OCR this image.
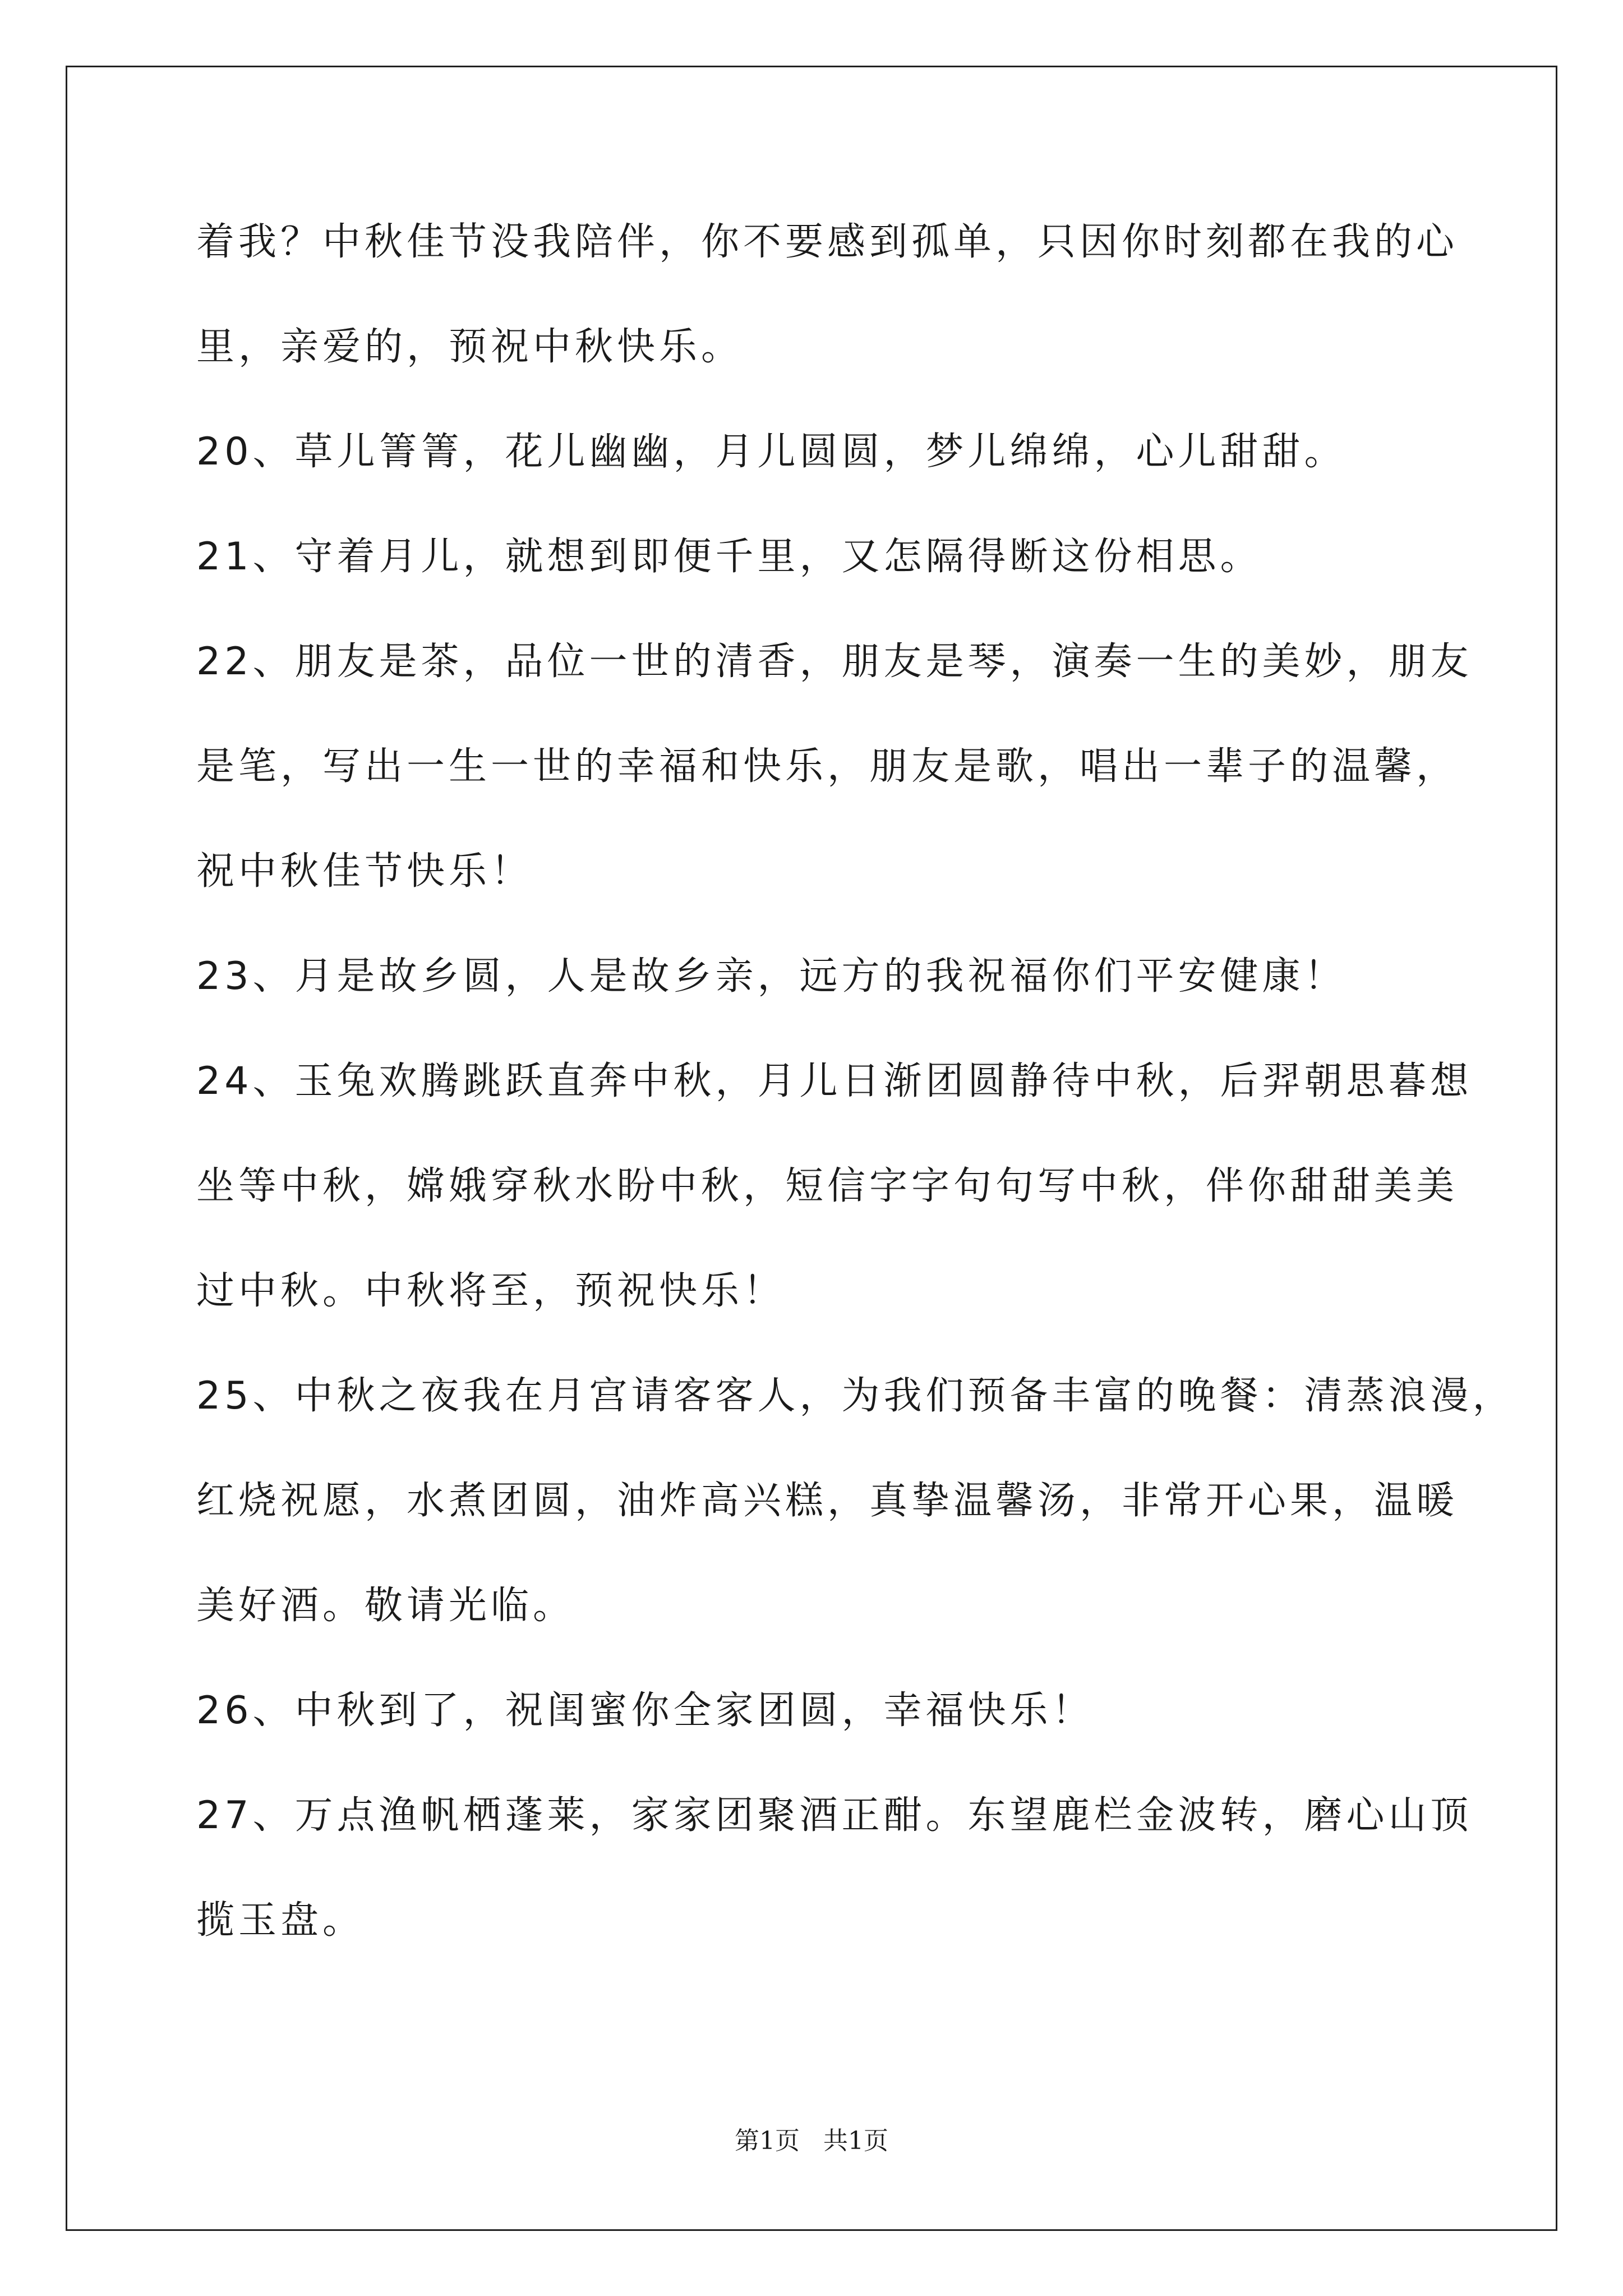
着我？中秋佳节没我陪伴，你不要感到孤单，只因你时刻都在我的心
里，亲爱的，预祝中秋快乐。
20、草儿箐箐，花儿幽幽，月儿圆圆，梦儿绵绵，心儿甜甜。
21、守着月儿，就想到即便千里，又怎隔得断这份相思。
22、朋友是茶，品位一世的清香，朋友是琴，演奏一生的美妙，朋友
是笔，写出一生一世的幸福和快乐，朋友是歌，唱出一辈子的温馨，
祝中秋佳节快乐！
23、月是故乡圆，人是故乡亲，远方的我祝福你们平安健康！
24、玉兔欢腾跳跃直奔中秋，月儿日渐团圆静待中秋，后羿朝思暮想
坐等中秋，嫦娥穿秋水盼中秋，短信字字句句写中秋，伴你甜甜美美
过中秋。中秋将至，预祝快乐！
25、中秋之夜我在月宫请客客人，为我们预备丰富的晚餐：清蒸浪漫，
红烧祝愿，水煮团圆，油炸高兴糕，真挚温馨汤，非常开心果，温暖
美好酒。敬请光临。
26、中秋到了，祝闺蜜你全家团圆，幸福快乐！
27、万点渔帆栖蓬莱，家家团聚酒正酣。东望鹿栏金波转，磨心山顶
揽玉盘。
第1页   共1页
